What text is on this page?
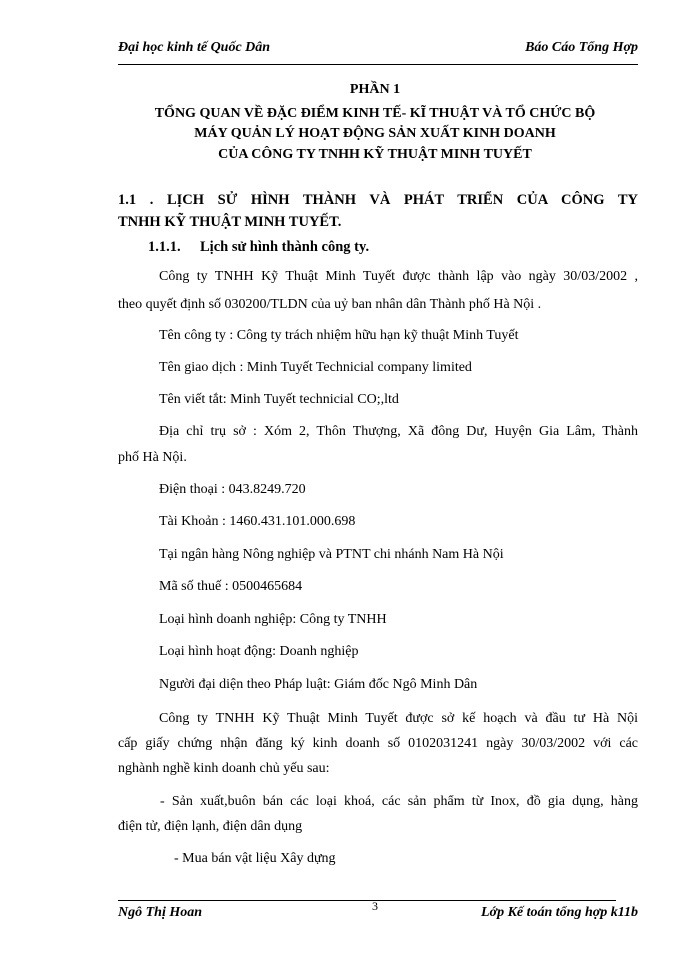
Đại học kinh tế Quốc Dân	Báo Cáo Tổng Hợp
PHẦN 1
TỔNG QUAN VỀ ĐẶC ĐIỂM KINH TẾ- KĨ THUẬT VÀ TỔ CHỨC BỘ
MÁY QUẢN LÝ HOẠT ĐỘNG SẢN XUẤT KINH DOANH
CỦA CÔNG TY TNHH KỸ THUẬT MINH TUYẾT
1.1 . LỊCH SỬ HÌNH THÀNH VÀ PHÁT TRIỂN CỦA CÔNG TY
TNHH KỸ THUẬT MINH TUYẾT.
1.1.1. Lịch sử hình thành công ty.
Công ty TNHH Kỹ Thuật Minh Tuyết được thành lập vào ngày 30/03/2002 ,
theo quyết định số 030200/TLDN của uỷ ban nhân dân Thành phố Hà Nội .
Tên công ty : Công ty trách nhiệm hữu hạn kỹ thuật Minh Tuyết
Tên giao dịch : Minh Tuyết Technicial company limited
Tên viết tắt: Minh Tuyết technicial CO;,ltd
Địa chỉ trụ sở : Xóm 2, Thôn Thượng, Xã đông Dư, Huyện Gia Lâm, Thành
phố Hà Nội.
Điện thoại : 043.8249.720
Tài Khoản : 1460.431.101.000.698
Tại ngân hàng Nông nghiệp và PTNT chi nhánh Nam Hà Nội
Mã số thuế : 0500465684
Loại hình doanh nghiệp: Công ty TNHH
Loại hình hoạt động: Doanh nghiệp
Người đại diện theo Pháp luật: Giám đốc Ngô Minh Dân
Công ty TNHH Kỹ Thuật Minh Tuyết được sở kế hoạch và đầu tư Hà Nội
cấp giấy chứng nhận đăng ký kinh doanh số 0102031241 ngày 30/03/2002 với các
nghành nghề kinh doanh chủ yếu sau:
- Sản xuất,buôn bán các loại khoá, các sản phẩm từ Inox, đồ gia dụng, hàng
điện tử, điện lạnh, điện dân dụng
- Mua bán vật liệu Xây dựng
Ngô Thị Hoan	3	Lớp Kế toán tổng hợp k11b
